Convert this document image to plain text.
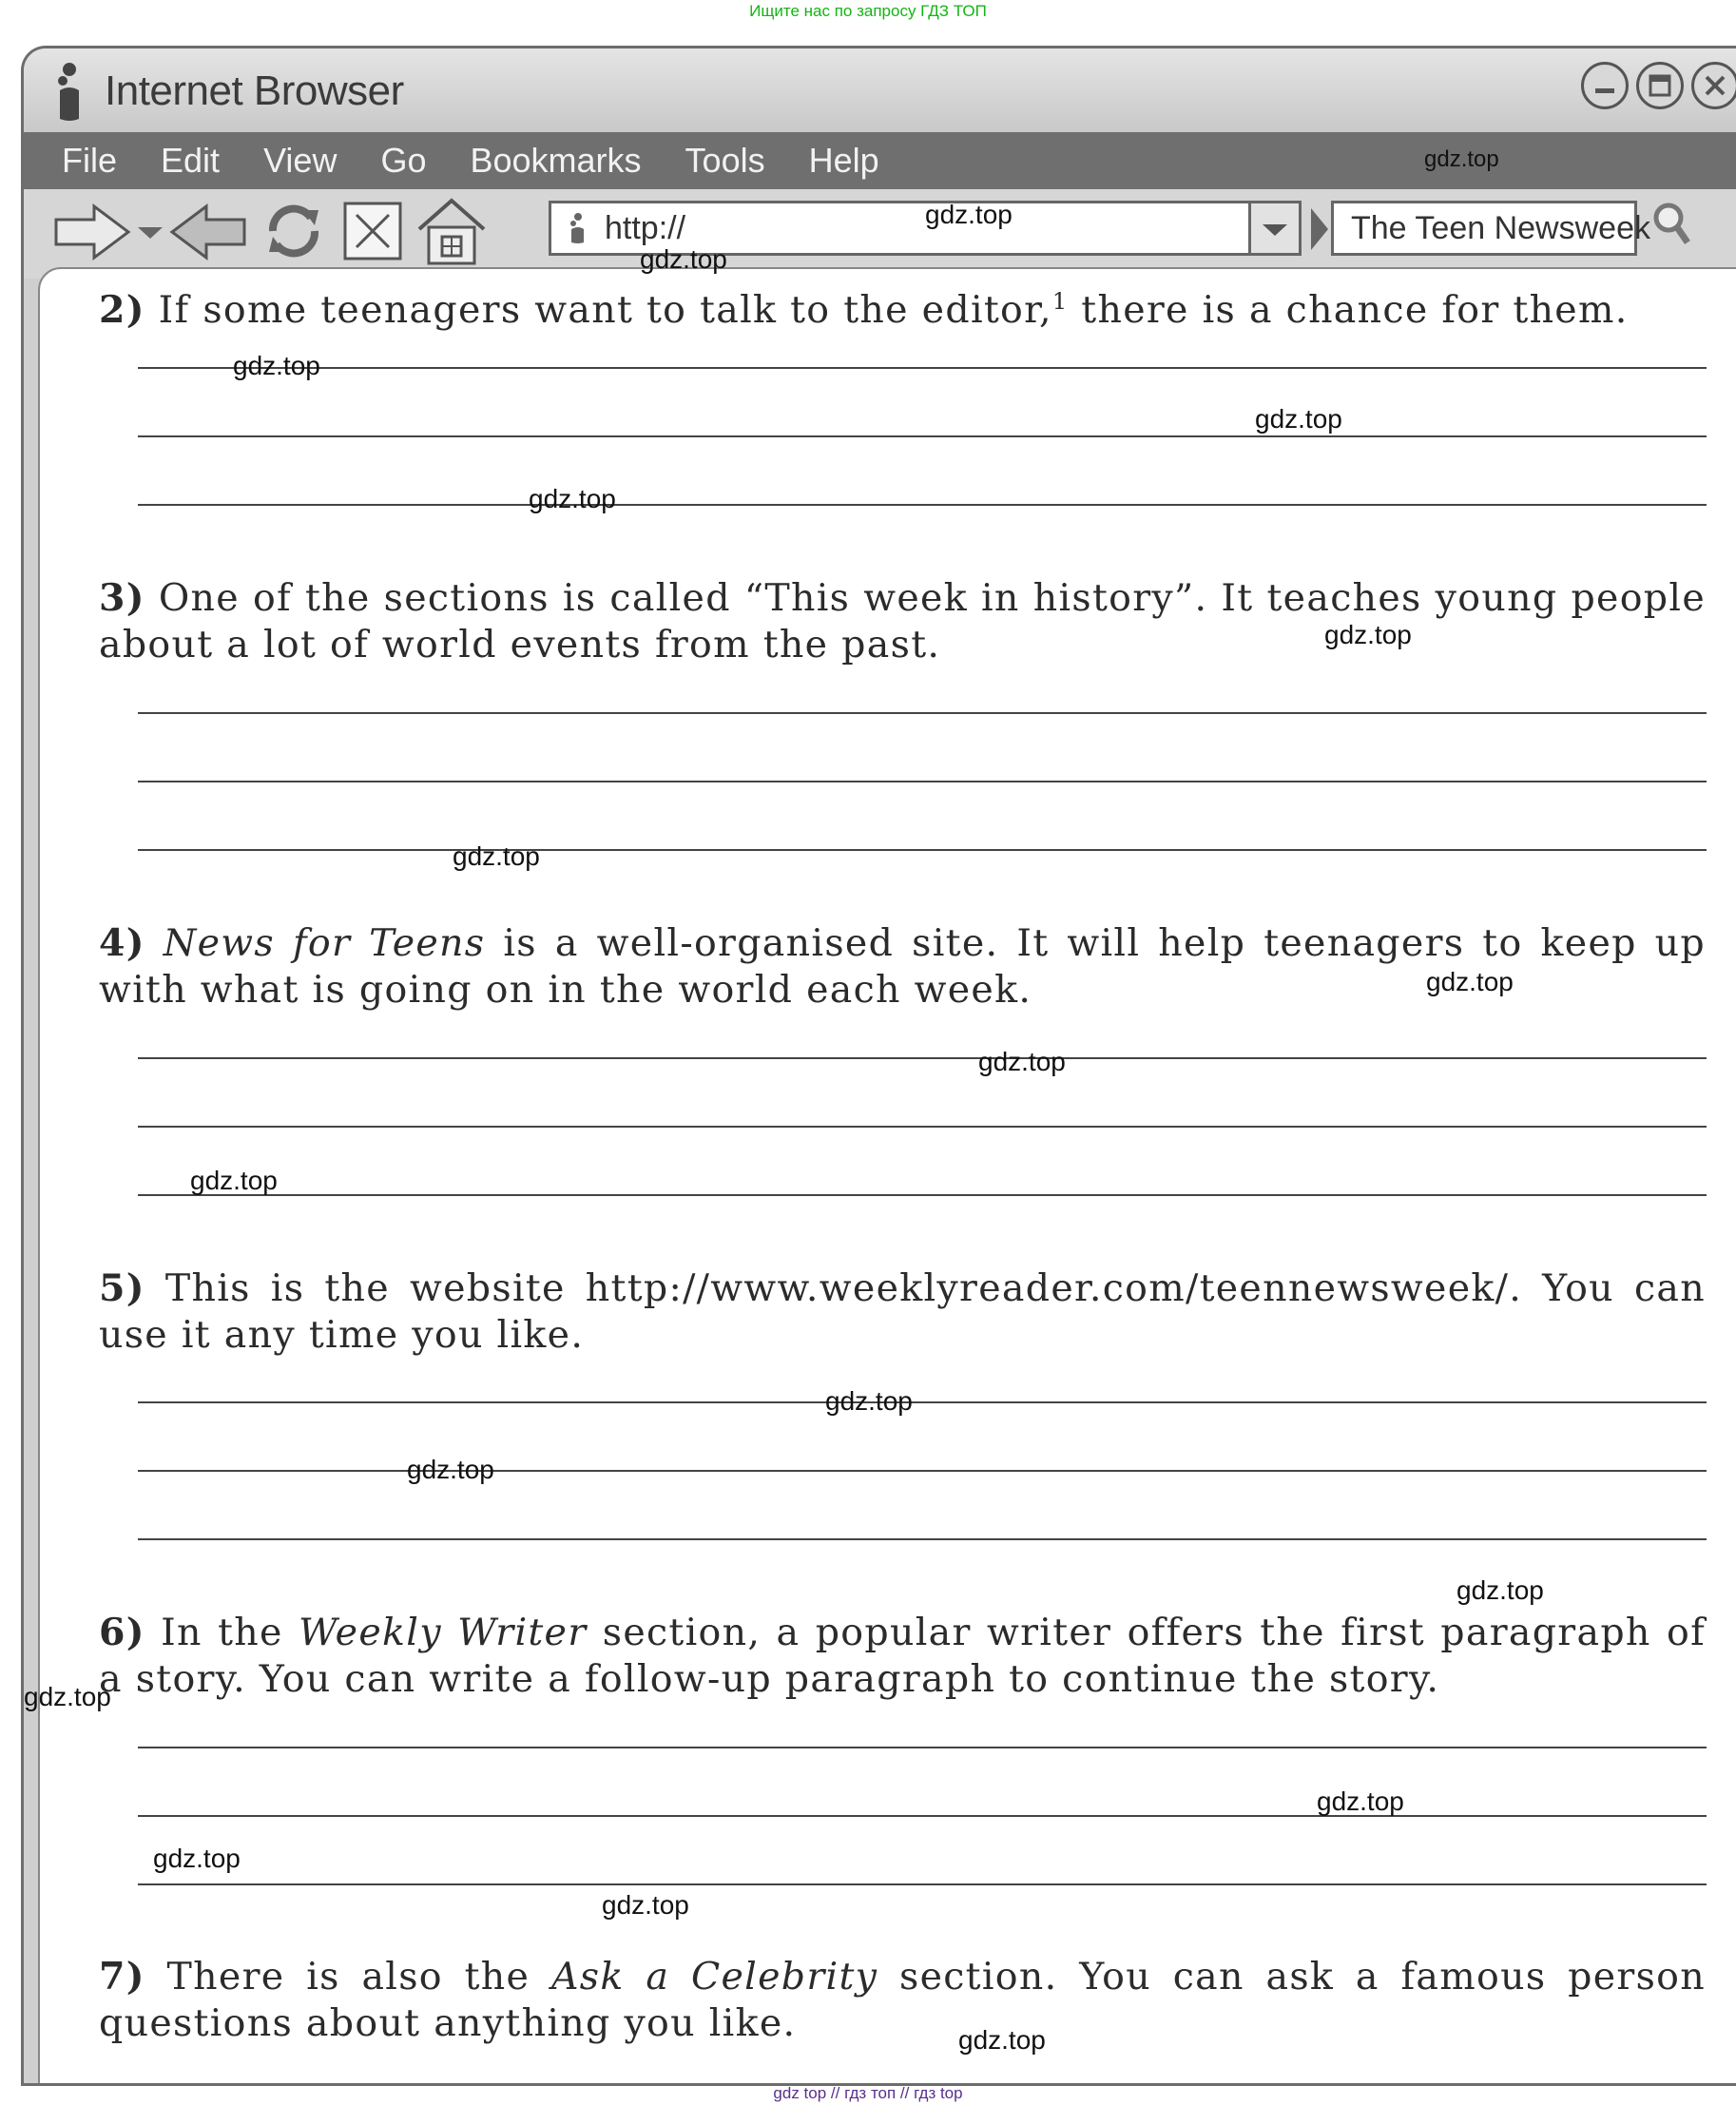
Ищите нас по запросу ГДЗ ТОП
Internet Browser
File Edit View Go Bookmarks Tools Help
http://	The Teen Newsweek
2) If some teenagers want to talk to the editor,$^1$ there is a chance for them.
3) One of the sections is called “This week in history”. It teaches young people about a lot of world events from the past.
4) News for Teens is a well-organised site. It will help teenagers to keep up with what is going on in the world each week.
5) This is the website http://www.weeklyreader.com/teennewsweek/. You can use it any time you like.
6) In the Weekly Writer section, a popular writer offers the first paragraph of a story. You can write a follow-up paragraph to continue the story.
7) There is also the Ask a Celebrity section. You can ask a famous person questions about anything you like.
gdz.top
gdz.top
gdz.top
gdz.top
gdz.top
gdz.top
gdz.top
gdz.top
gdz.top
gdz.top
gdz.top
gdz.top
gdz.top
gdz.top
gdz.top
gdz.top
gdz.top
gdz.top
gdz.top
gdz top // гдз топ // гдз top
